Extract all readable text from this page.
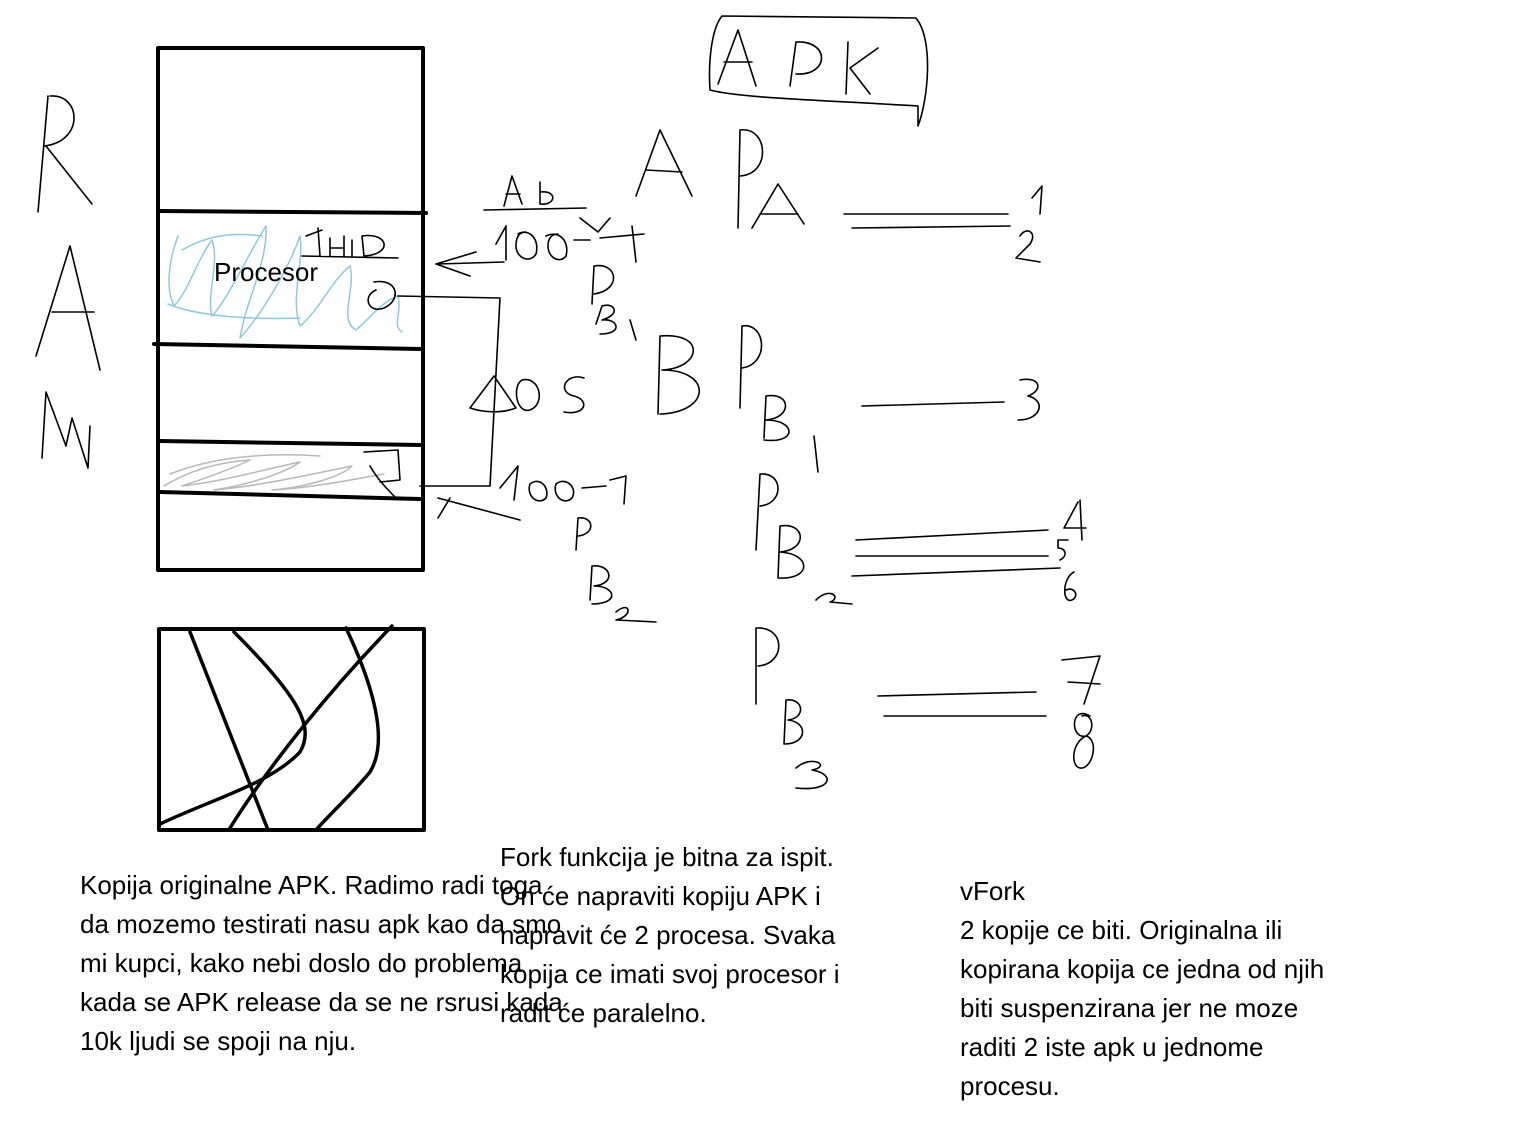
Procesor

Fork funkcija je bitna za ispit.
On će napraviti kopiju APK i
napravit će 2 procesa. Svaka
kopija ce imati svoj procesor i
radit će paralelno.

Kopija originalne APK. Radimo radi toga
da mozemo testirati nasu apk kao da smo
mi kupci, kako nebi doslo do problema
kada se APK release da se ne rsrusi kada
10k ljudi se spoji na nju.

vFork
2 kopije ce biti. Originalna ili
kopirana kopija ce jedna od njih
biti suspenzirana jer ne moze
raditi 2 iste apk u jednome
procesu.
